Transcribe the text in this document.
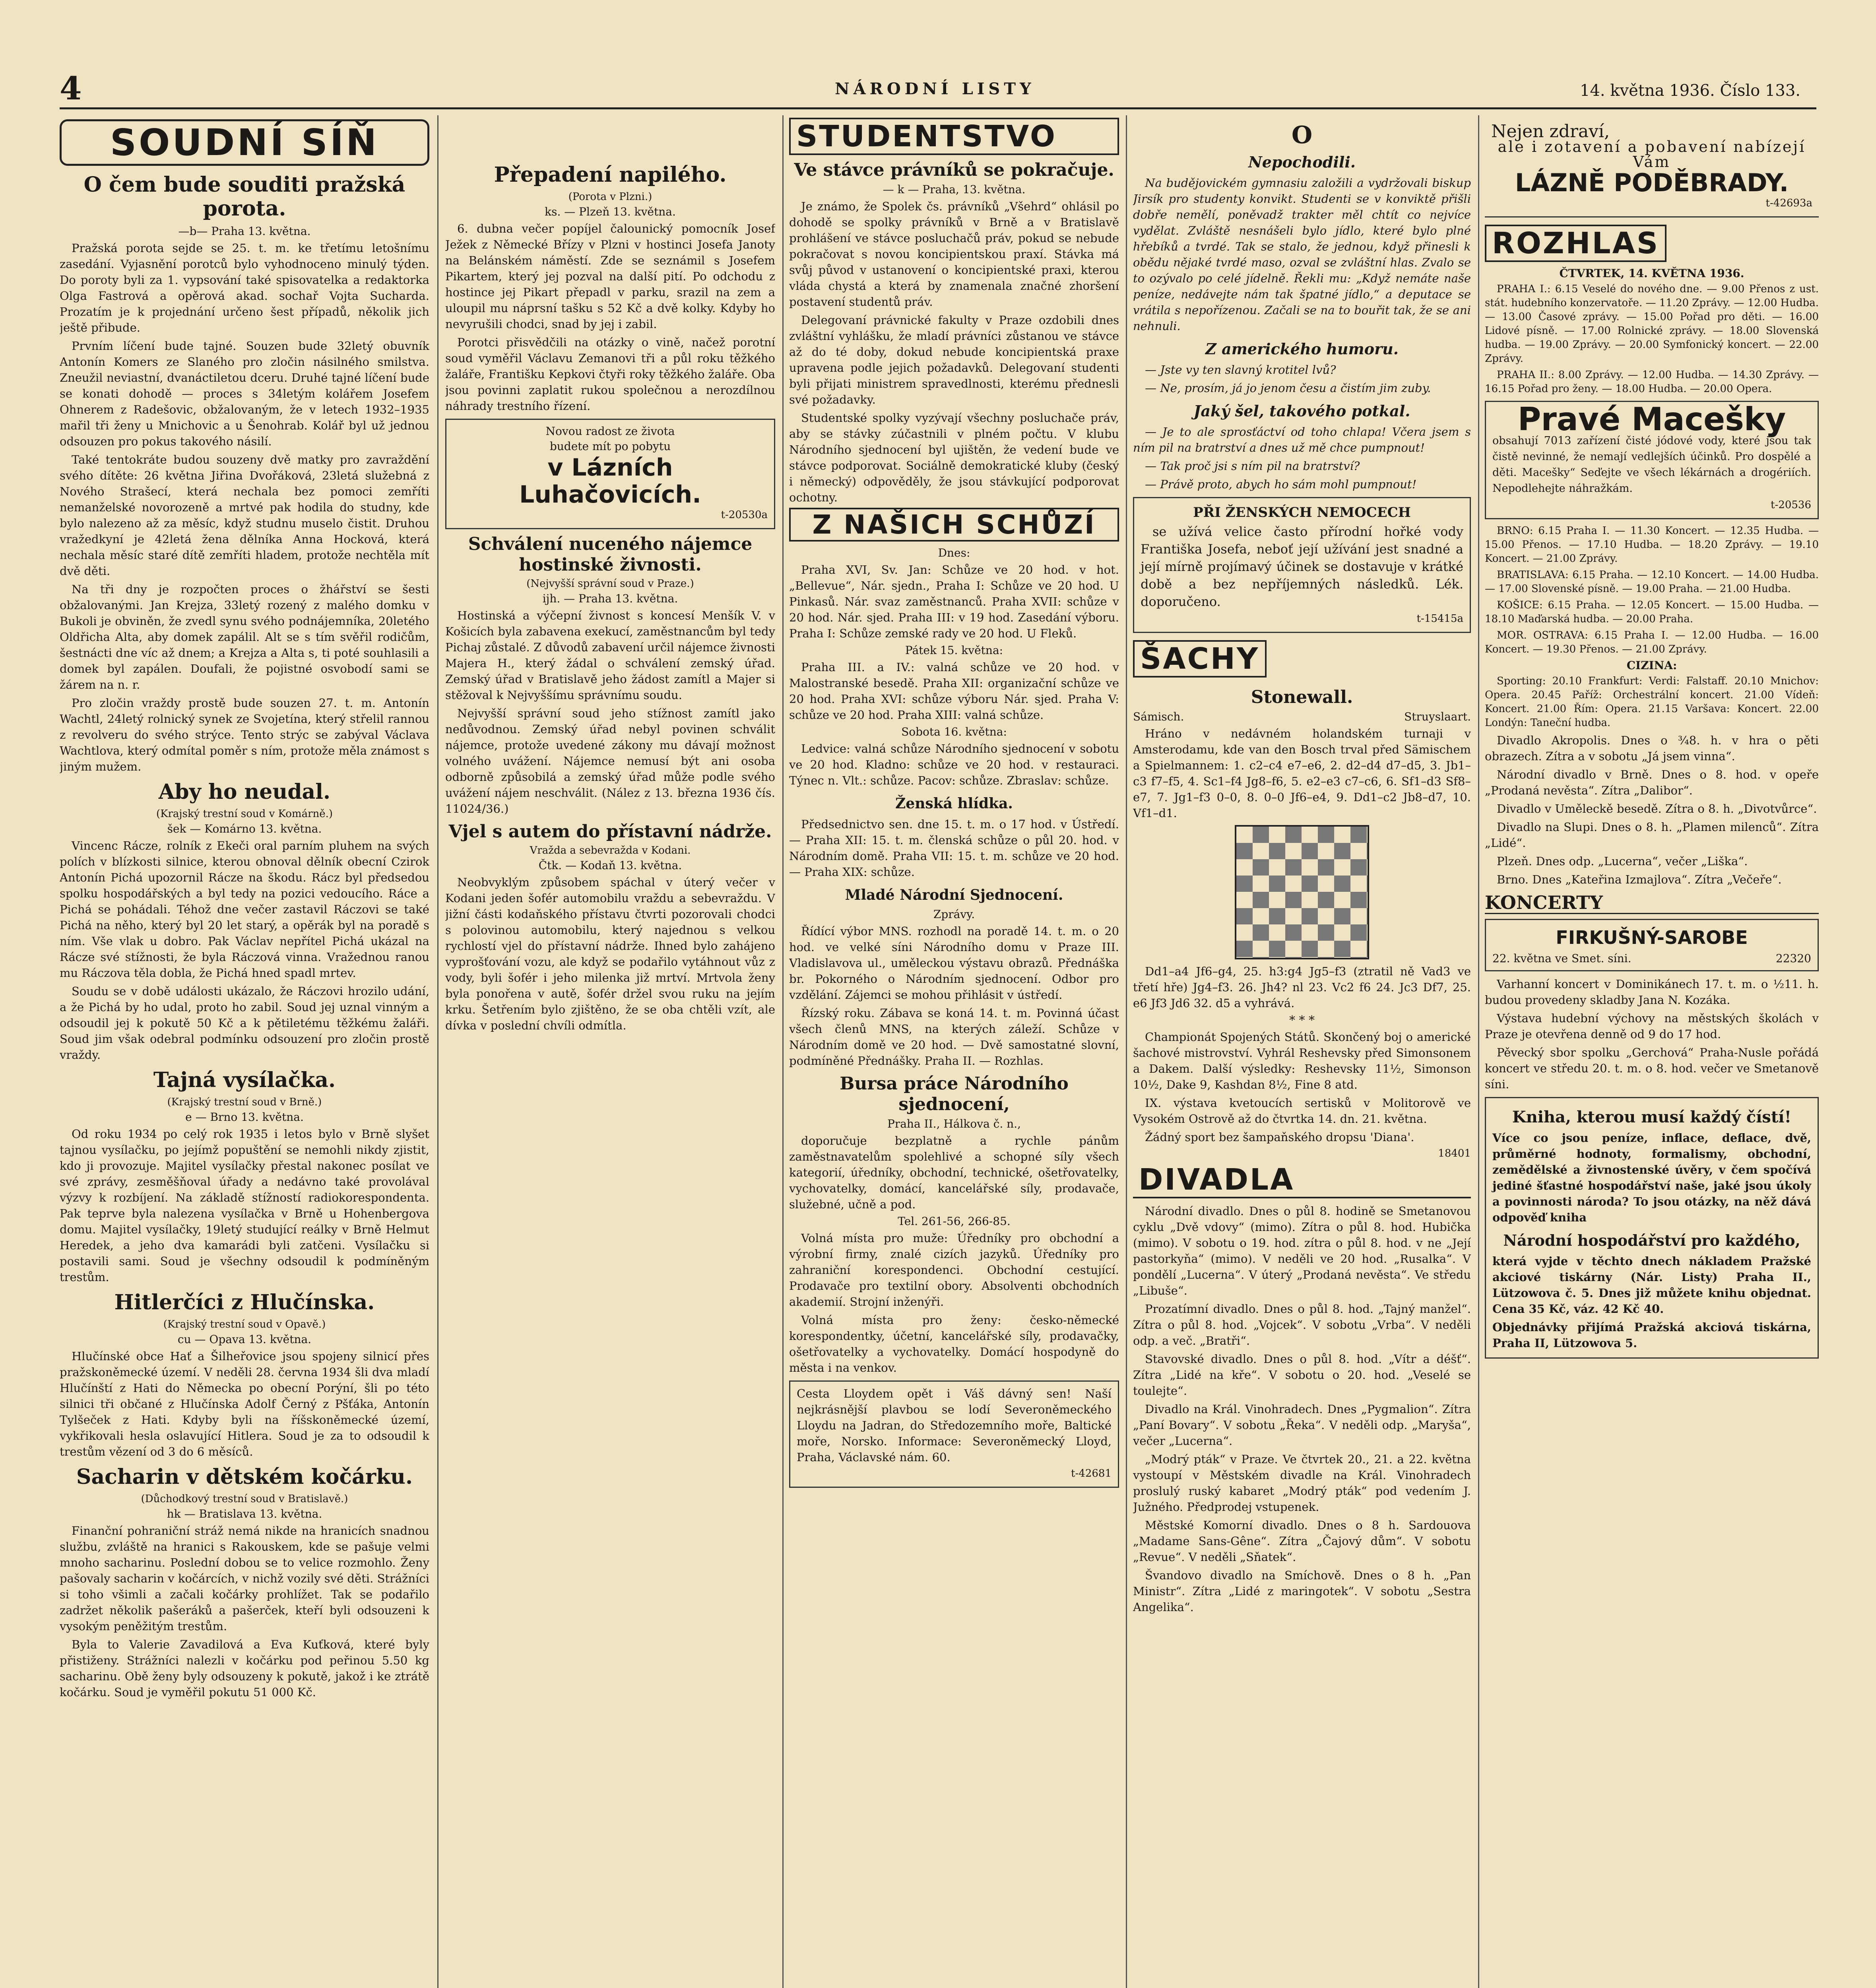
4	NÁRODNÍ LISTY	14. května 1936. Číslo 133.
SOUDNÍ SÍŇ
O čem bude souditi pražská porota.
—b— Praha 13. května.

Pražská porota sejde se 25. t. m. ke třetímu letošnímu zasedání. Vyjasnění porotců bylo vyhodnoceno minulý týden. Do poroty byli za 1. vypsování také spisovatelka a redaktorka Olga Fastrová a opěrová akad. sochař Vojta Sucharda. Prozatím je k projednání určeno šest případů, několik jich ještě přibude.

Prvním líčení bude tajné. Souzen bude 32letý obuvník Antonín Komers ze Slaného pro zločin násilného smilstva. Zneužil neviastní, dvanáctiletou dceru. Druhé tajné líčení bude se konati dohodě — proces s 34letým kolářem Josefem Ohnerem z Radešovic, obžalovaným, že v letech 1932–1935 mařil tři ženy u Mnichovic a u Šenohrab. Kolář byl už jednou odsouzen pro pokus takového násilí.

Také tentokráte budou souzeny dvě matky pro zavraždění svého dítěte: 26 května Jiřina Dvořáková, 23letá služebná z Nového Strašecí, která nechala bez pomoci zemříti nemanželské novorozeně a mrtvé pak hodila do studny, kde bylo nalezeno až za měsíc, když studnu muselo čistit. Druhou vražedkyní je 42letá žena dělníka Anna Hocková, která nechala měsíc staré dítě zemříti hladem, protože nechtěla mít dvě děti.

Na tři dny je rozpočten proces o žhářství se šesti obžalovanými. Jan Krejza, 33letý rozený z malého domku v Bukoli je obviněn, že zvedl synu svého podnájemníka, 20letého Oldřicha Alta, aby domek zapálil. Alt se s tím svěřil rodičům, šestnácti dne víc až dnem; a Krejza a Alta s, ti poté souhlasili a domek byl zapálen. Doufali, že pojistné osvobodí sami se žárem na n. r.

Pro zločin vraždy prostě bude souzen 27. t. m. Antonín Wachtl, 24letý rolnický synek ze Svojetína, který střelil rannou z revolveru do svého strýce. Tento strýc se zabýval Václava Wachtlova, který odmítal poměr s ním, protože měla známost s jiným mužem.

Aby ho neudal.
(Krajský trestní soud v Komárně.)
šek — Komárno 13. května.

Vincenc Rácze, rolník z Ekeči oral parním pluhem na svých polích v blízkosti silnice, kterou obnoval dělník obecní Czirok Antonín Pichá upozornil Rácze na škodu. Rácz byl předsedou spolku hospodářských a byl tedy na pozici vedoucího. Ráce a Pichá se pohádali. Téhož dne večer zastavil Ráczovi se také Pichá na něho, který byl 20 let starý, a opěrák byl na poradě s ním. Vše vlak u dobro. Pak Václav nepřítel Pichá ukázal na Rácze své stížnosti, že byla Ráczová vinna. Vražednou ranou mu Ráczova těla dobla, že Pichá hned spadl mrtev.

Soudu se v době události ukázalo, že Ráczovi hrozilo udání, a že Pichá by ho udal, proto ho zabil. Soud jej uznal vinným a odsoudil jej k pokutě 50 Kč a k pětiletému těžkému žaláři. Soud jim však odebral podmínku odsouzení pro zločin prostě vraždy.

Tajná vysílačka.
(Krajský trestní soud v Brně.)
e — Brno 13. května.

Od roku 1934 po celý rok 1935 i letos bylo v Brně slyšet tajnou vysílačku, po jejímž popuštění se nemohli nikdy zjistit, kdo ji provozuje. Majitel vysílačky přestal nakonec posílat ve své zprávy, zesměšňoval úřady a nedávno také provolával výzvy k rozbíjení. Na základě stížností radiokorespondenta. Pak teprve byla nalezena vysílačka v Brně u Hohenbergova domu. Majitel vysílačky, 19letý studující reálky v Brně Helmut Heredek, a jeho dva kamarádi byli zatčeni. Vysílačku si postavili sami. Soud je všechny odsoudil k podmíněným trestům.

Hitlerčíci z Hlučínska.
(Krajský trestní soud v Opavě.)
cu — Opava 13. května.

Hlučínské obce Hať a Šilheřovice jsou spojeny silnicí přes pražskoněmecké území. V neděli 28. června 1934 šli dva mladí Hlučínští z Hati do Německa po obecní Porýní, šli po této silnici tři občané z Hlučínska Adolf Černý z Pšťáka, Antonín Tylšeček z Hati. Kdyby byli na říšskoněmecké území, vykřikovali hesla oslavující Hitlera. Soud je za to odsoudil k trestům vězení od 3 do 6 měsíců.

Sacharin v dětském kočárku.
(Důchodkový trestní soud v Bratislavě.)
hk — Bratislava 13. května.

Finanční pohraniční stráž nemá nikde na hranicích snadnou službu, zvláště na hranici s Rakouskem, kde se pašuje velmi mnoho sacharinu. Poslední dobou se to velice rozmohlo. Ženy pašovaly sacharin v kočárcích, v nichž vozily své děti. Strážníci si toho všimli a začali kočárky prohlížet. Tak se podařilo zadržet několik pašeráků a pašerček, kteří byli odsouzeni k vysokým peněžitým trestům.

Byla to Valerie Zavadilová a Eva Kuťková, které byly přistiženy. Strážníci nalezli v kočárku pod peřinou 5.50 kg sacharinu. Obě ženy byly odsouzeny k pokutě, jakož i ke ztrátě kočárku. Soud je vyměřil pokutu 51 000 Kč.

Přepadení napilého.
(Porota v Plzni.)
ks. — Plzeň 13. května.

6. dubna večer popíjel čalounický pomocník Josef Ježek z Německé Břízy v Plzni v hostinci Josefa Janoty na Belánském náměstí. Zde se seznámil s Josefem Pikartem, který jej pozval na další pití. Po odchodu z hostince jej Pikart přepadl v parku, srazil na zem a uloupil mu náprsní tašku s 52 Kč a dvě kolky. Kdyby ho nevyrušili chodci, snad by jej i zabil.

Porotci přisvědčili na otázky o vině, načež porotní soud vyměřil Václavu Zemanovi tři a půl roku těžkého žaláře, Františku Kepkovi čtyři roky těžkého žaláře. Oba jsou povinni zaplatit rukou společnou a nerozdílnou náhrady trestního řízení.

Novou radost ze života
budete mít po pobytu
v Lázních Luhačovicích.
t-20530a
Schválení nuceného nájemce hostinské živnosti.
(Nejvyšší správní soud v Praze.)
ijh. — Praha 13. května.

Hostinská a výčepní živnost s koncesí Menšík V. v Košicích byla zabavena exekucí, zaměstnancům byl tedy Pichaj zůstalé. Z důvodů zabavení určil nájemce živnosti Majera H., který žádal o schválení zemský úřad. Zemský úřad v Bratislavě jeho žádost zamítl a Majer si stěžoval k Nejvyššímu správnímu soudu.

Nejvyšší správní soud jeho stížnost zamítl jako nedůvodnou. Zemský úřad nebyl povinen schválit nájemce, protože uvedené zákony mu dávají možnost volného uvážení. Nájemce nemusí být ani osoba odborně způsobilá a zemský úřad může podle svého uvážení nájem neschválit. (Nález z 13. března 1936 čís. 11024/36.)

Vjel s autem do přístavní nádrže.
Vražda a sebevražda v Kodani.
Čtk. — Kodaň 13. května.

Neobvyklým způsobem spáchal v úterý večer v Kodani jeden šofér automobilu vraždu a sebevraždu. V jižní části kodaňského přístavu čtvrti pozorovali chodci s polovinou automobilu, který najednou s velkou rychlostí vjel do přístavní nádrže. Ihned bylo zahájeno vyprošťování vozu, ale když se podařilo vytáhnout vůz z vody, byli šofér i jeho milenka již mrtví. Mrtvola ženy byla ponořena v autě, šofér držel svou ruku na jejím krku. Šetřením bylo zjištěno, že se oba chtěli vzít, ale dívka v poslední chvíli odmítla.

STUDENTSTVO
Ve stávce právníků se pokračuje.
— k — Praha, 13. května.

Je známo, že Spolek čs. právníků „Všehrd“ ohlásil po dohodě se spolky právníků v Brně a v Bratislavě prohlášení ve stávce posluchačů práv, pokud se nebude pokračovat s novou koncipientskou praxí. Stávka má svůj původ v ustanovení o koncipientské praxi, kterou vláda chystá a která by znamenala značné zhoršení postavení studentů práv.

Delegovaní právnické fakulty v Praze ozdobili dnes zvláštní vyhlášku, že mladí právníci zůstanou ve stávce až do té doby, dokud nebude koncipientská praxe upravena podle jejich požadavků. Delegovaní studenti byli přijati ministrem spravedlnosti, kterému přednesli své požadavky.

Studentské spolky vyzývají všechny posluchače práv, aby se stávky zúčastnili v plném počtu. V klubu Národního sjednocení byl ujištěn, že vedení bude ve stávce podporovat. Sociálně demokratické kluby (český i německý) odpověděly, že jsou stávkující podporovat ochotny.

Z NAŠICH SCHŮZÍ
Dnes:

Praha XVI, Sv. Jan: Schůze ve 20 hod. v hot. „Bellevue“, Nár. sjedn., Praha I: Schůze ve 20 hod. U Pinkasů. Nár. svaz zaměstnanců. Praha XVII: schůze v 20 hod. Nár. sjed. Praha III: v 19 hod. Zasedání výboru. Praha I: Schůze zemské rady ve 20 hod. U Fleků.

Pátek 15. května:

Praha III. a IV.: valná schůze ve 20 hod. v Malostranské besedě. Praha XII: organizační schůze ve 20 hod. Praha XVI: schůze výboru Nár. sjed. Praha V: schůze ve 20 hod. Praha XIII: valná schůze.

Sobota 16. května:

Ledvice: valná schůze Národního sjednocení v sobotu ve 20 hod. Kladno: schůze ve 20 hod. v restauraci. Týnec n. Vlt.: schůze. Pacov: schůze. Zbraslav: schůze.

Ženská hlídka.

Předsednictvo sen. dne 15. t. m. o 17 hod. v Ústředí. — Praha XII: 15. t. m. členská schůze o půl 20. hod. v Národním domě. Praha VII: 15. t. m. schůze ve 20 hod. — Praha XIX: schůze.

Mladé Národní Sjednocení.
Zprávy.

Řídící výbor MNS. rozhodl na poradě 14. t. m. o 20 hod. ve velké síni Národního domu v Praze III. Vladislavova ul., uměleckou výstavu obrazů. Přednáška br. Pokorného o Národním sjednocení. Odbor pro vzdělání. Zájemci se mohou přihlásit v ústředí.

Řízský roku. Zábava se koná 14. t. m. Povinná účast všech členů MNS, na kterých záleží. Schůze v Národním domě ve 20 hod. — Dvě samostatné slovní, podmíněné Přednášky. Praha II. — Rozhlas.

Bursa práce Národního sjednocení,
Praha II., Hálkova č. n.,

doporučuje bezplatně a rychle pánům zaměstnavatelům spolehlivé a schopné síly všech kategorií, úředníky, obchodní, technické, ošetřovatelky, vychovatelky, domácí, kancelářské síly, prodavače, služebné, učně a pod.

Tel. 261-56, 266-85.

Volná místa pro muže: Úředníky pro obchodní a výrobní firmy, znalé cizích jazyků. Úředníky pro zahraniční korespondenci. Obchodní cestující. Prodavače pro textilní obory. Absolventi obchodních akademií. Strojní inženýři.

Volná místa pro ženy: česko-německé korespondentky, účetní, kancelářské síly, prodavačky, ošetřovatelky a vychovatelky. Domácí hospodyně do města i na venkov.

Cesta Lloydem opět i Váš dávný sen! Naší nejkrásnější plavbou se lodí Severoněmeckého Lloydu na Jadran, do Středozemního moře, Baltické moře, Norsko. Informace: Severoněmecký Lloyd, Praha, Václavské nám. 60.

t-42681
O
Nepochodili.

Na budějovickém gymnasiu založili a vydržovali biskup Jirsík pro studenty konvikt. Studenti se v konviktě přišli dobře nemělí, poněvadž trakter měl chtít co nejvíce vydělat. Zvláště nesnášeli bylo jídlo, které bylo plné hřebíků a tvrdé. Tak se stalo, že jednou, když přinesli k obědu nějaké tvrdé maso, ozval se zvláštní hlas. Zvalo se to ozývalo po celé jídelně. Řekli mu: „Když nemáte naše peníze, nedávejte nám tak špatné jídlo,“ a deputace se vrátila s nepořízenou. Začali se na to bouřit tak, že se ani nehnuli.

Z amerického humoru.

— Jste vy ten slavný krotitel lvů?

— Ne, prosím, já jo jenom česu a čistím jim zuby.

Jaký šel, takového potkal.

— Je to ale sprosťáctví od toho chlapa! Včera jsem s ním pil na bratrství a dnes už mě chce pumpnout!

— Tak proč jsi s ním pil na bratrství?

— Právě proto, abych ho sám mohl pumpnout!

PŘI ŽENSKÝCH NEMOCECH

se užívá velice často přírodní hořké vody Františka Josefa, neboť její užívání jest snadné a její mírně projímavý účinek se dostavuje v krátké době a bez nepříjemných následků. Lék. doporučeno.

t-15415a
ŠACHY
Stonewall.
Sámisch.	Struyslaart.

Hráno v nedávném holandském turnaji v Amsterodamu, kde van den Bosch trval před Sämischem a Spielmannem: 1. c2–c4 e7–e6, 2. d2–d4 d7–d5, 3. Jb1–c3 f7–f5, 4. Sc1–f4 Jg8–f6, 5. e2–e3 c7–c6, 6. Sf1–d3 Sf8–e7, 7. Jg1–f3 0–0, 8. 0–0 Jf6–e4, 9. Dd1–c2 Jb8–d7, 10. Vf1–d1.

Dd1–a4 Jf6–g4, 25. h3:g4 Jg5–f3 (ztratil ně Vad3 ve třetí hře) Jg4–f3. 26. Jh4? nl 23. Vc2 f6 24. Jc3 Df7, 25. e6 Jf3 Jd6 32. d5 a vyhrává.

* * *

Championát Spojených Států. Skončený boj o americké šachové mistrovství. Vyhrál Reshevsky před Simonsonem a Dakem. Další výsledky: Reshevsky 11½, Simonson 10½, Dake 9, Kashdan 8½, Fine 8 atd.

IX. výstava kvetoucích sertisků v Molitorově ve Vysokém Ostrově až do čtvrtka 14. dn. 21. května.

Žádný sport bez šampaňského dropsu 'Diana'.

18401
DIVADLA

Národní divadlo. Dnes o půl 8. hodině se Smetanovou cyklu „Dvě vdovy“ (mimo). Zítra o půl 8. hod. Hubička (mimo). V sobotu o 19. hod. zítra o půl 8. hod. v ne „Její pastorkyňa“ (mimo). V neděli ve 20 hod. „Rusalka“. V pondělí „Lucerna“. V úterý „Prodaná nevěsta“. Ve středu „Libuše“.

Prozatímní divadlo. Dnes o půl 8. hod. „Tajný manžel“. Zítra o půl 8. hod. „Vojcek“. V sobotu „Vrba“. V neděli odp. a več. „Bratři“.

Stavovské divadlo. Dnes o půl 8. hod. „Vítr a déšť“. Zítra „Lidé na kře“. V sobotu o 20. hod. „Veselé se toulejte“.

Divadlo na Král. Vinohradech. Dnes „Pygmalion“. Zítra „Paní Bovary“. V sobotu „Řeka“. V neděli odp. „Maryša“, večer „Lucerna“.

„Modrý pták“ v Praze. Ve čtvrtek 20., 21. a 22. května vystoupí v Městském divadle na Král. Vinohradech proslulý ruský kabaret „Modrý pták“ pod vedením J. Južného. Předprodej vstupenek.

Městské Komorní divadlo. Dnes o 8 h. Sardouova „Madame Sans-Gêne“. Zítra „Čajový dům“. V sobotu „Revue“. V neděli „Sňatek“.

Švandovo divadlo na Smíchově. Dnes o 8 h. „Pan Ministr“. Zítra „Lidé z maringotek“. V sobotu „Sestra Angelika“.

Nejen zdraví,
ale i zotavení a pobavení nabízejí Vám
LÁZNĚ PODĚBRADY.
t-42693a
ROZHLAS
ČTVRTEK, 14. KVĚTNA 1936.

PRAHA I.: 6.15 Veselé do nového dne. — 9.00 Přenos z ust. stát. hudebního konzervatoře. — 11.20 Zprávy. — 12.00 Hudba. — 13.00 Časové zprávy. — 15.00 Pořad pro děti. — 16.00 Lidové písně. — 17.00 Rolnické zprávy. — 18.00 Slovenská hudba. — 19.00 Zprávy. — 20.00 Symfonický koncert. — 22.00 Zprávy.

PRAHA II.: 8.00 Zprávy. — 12.00 Hudba. — 14.30 Zprávy. — 16.15 Pořad pro ženy. — 18.00 Hudba. — 20.00 Opera.

Pravé Macešky

obsahují 7013 zařízení čisté jódové vody, které jsou tak čistě nevinné, že nemají vedlejších účinků. Pro dospělé a děti. Macešky“ Seďejte ve všech lékárnách a drogériích. Nepodlehejte náhražkám.

t-20536

BRNO: 6.15 Praha I. — 11.30 Koncert. — 12.35 Hudba. — 15.00 Přenos. — 17.10 Hudba. — 18.20 Zprávy. — 19.10 Koncert. — 21.00 Zprávy.

BRATISLAVA: 6.15 Praha. — 12.10 Koncert. — 14.00 Hudba. — 17.00 Slovenské písně. — 19.00 Praha. — 21.00 Hudba.

KOŠICE: 6.15 Praha. — 12.05 Koncert. — 15.00 Hudba. — 18.10 Maďarská hudba. — 20.00 Praha.

MOR. OSTRAVA: 6.15 Praha I. — 12.00 Hudba. — 16.00 Koncert. — 19.30 Přenos. — 21.00 Zprávy.

CIZINA:

Sporting: 20.10 Frankfurt: Verdi: Falstaff. 20.10 Mnichov: Opera. 20.45 Paříž: Orchestrální koncert. 21.00 Vídeň: Koncert. 21.00 Řím: Opera. 21.15 Varšava: Koncert. 22.00 Londýn: Taneční hudba.

Divadlo Akropolis. Dnes o ¾8. h. v hra o pěti obrazech. Zítra a v sobotu „Já jsem vinna“.

Národní divadlo v Brně. Dnes o 8. hod. v opeře „Prodaná nevěsta“. Zítra „Dalibor“.

Divadlo v Uměleckě besedě. Zítra o 8. h. „Divotvůrce“.

Divadlo na Slupi. Dnes o 8. h. „Plamen milenců“. Zítra „Lidé“.

Plzeň. Dnes odp. „Lucerna“, večer „Liška“.

Brno. Dnes „Kateřina Izmajlova“. Zítra „Večeře“.

KONCERTY
FIRKUŠNÝ-SAROBE
22. května ve Smet. síni.	22320

Varhanní koncert v Dominikánech 17. t. m. o ½11. h. budou provedeny skladby Jana N. Kozáka.

Výstava hudební výchovy na městských školách v Praze je otevřena denně od 9 do 17 hod.

Pěvecký sbor spolku „Gerchová“ Praha-Nusle pořádá koncert ve středu 20. t. m. o 8. hod. večer ve Smetanově síni.

Kniha, kterou musí každý čístí!

Více co jsou peníze, inflace, deflace, dvě, průměrné hodnoty, formalismy, obchodní, zemědělské a živnostenské úvěry, v čem spočívá jediné šťastné hospodářství naše, jaké jsou úkoly a povinnosti národa? To jsou otázky, na něž dává odpověď kniha

Národní hospodářství pro každého,

která vyjde v těchto dnech nákladem Pražské akciové tiskárny (Nár. Listy) Praha II., Lützowova č. 5. Dnes již můžete knihu objednat. Cena 35 Kč, váz. 42 Kč 40.

Objednávky přijímá Pražská akciová tiskárna, Praha II, Lützowova 5.
